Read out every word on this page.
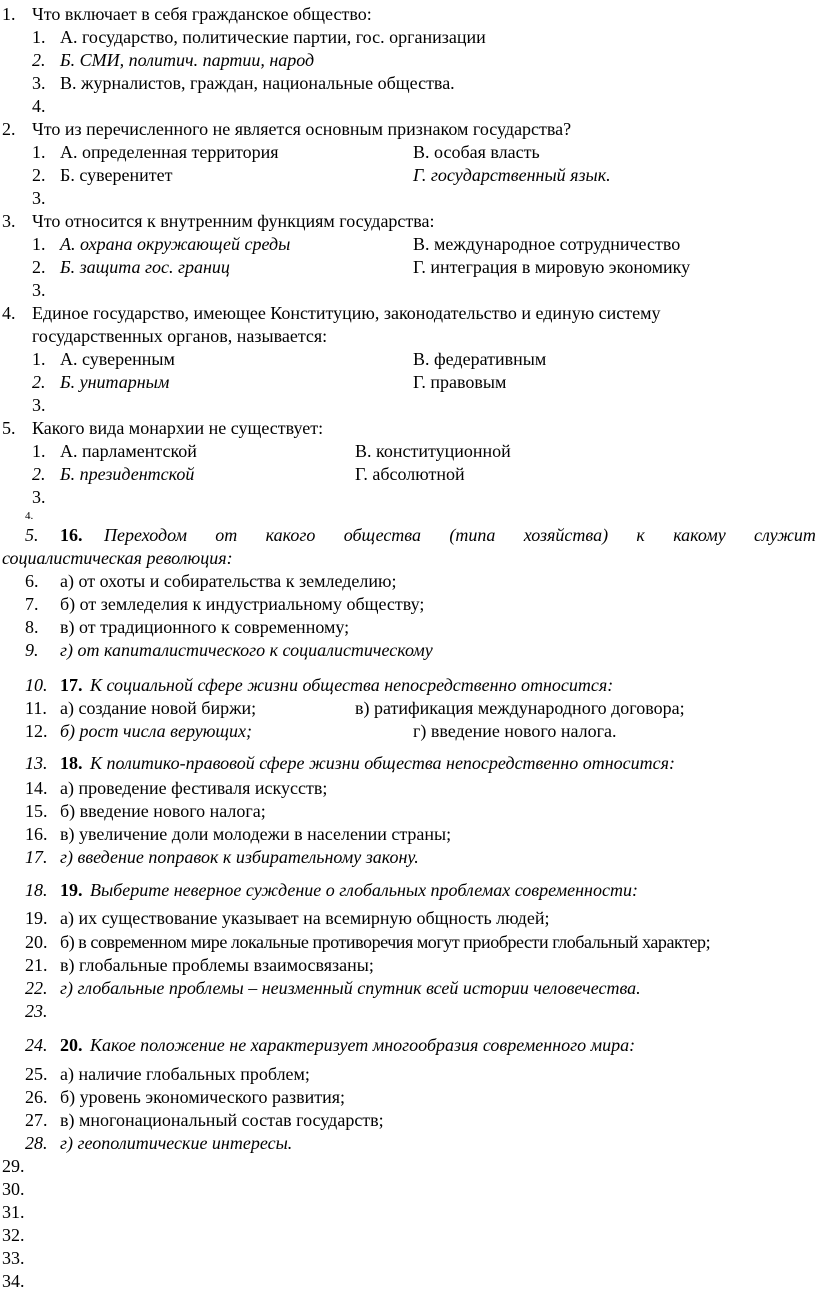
1. Что включает в себя гражданское общество:
1. А. государство, политические партии, гос. организации
2. Б. СМИ, политич. партии, народ
3. В. журналистов, граждан, национальные общества.
4.
2. Что из перечисленного не является основным признаком государства?
1. А. определенная территория	В. особая власть
2. Б. суверенитет	Г. государственный язык.
3.
3. Что относится к внутренним функциям государства:
1. А. охрана окружающей среды	В. международное сотрудничество
2. Б. защита гос. границ	Г. интеграция в мировую экономику
3.
4. Единое государство, имеющее Конституцию, законодательство и единую систему
государственных органов, называется:
1. А. суверенным	В. федеративным
2. Б. унитарным	Г. правовым
3.
5. Какого вида монархии не существует:
1. А. парламентской	В. конституционной
2. Б. президентской	Г. абсолютной
3.
4.
5. 16. Переходом от какого общества (типа хозяйства) к какому служит
социалистическая революция:
6. а) от охоты и собирательства к земледелию;
7. б) от земледелия к индустриальному обществу;
8. в) от традиционного к современному;
9. г) от капиталистического к социалистическому
10. 17. К социальной сфере жизни общества непосредственно относится:
11. а) создание новой биржи;	в) ратификация международного договора;
12. б) рост числа верующих;	г) введение нового налога.
13. 18. К политико-правовой сфере жизни общества непосредственно относится:
14. а) проведение фестиваля искусств;
15. б) введение нового налога;
16. в) увеличение доли молодежи в населении страны;
17. г) введение поправок к избирательному закону.
18. 19. Выберите неверное суждение о глобальных проблемах современности:
19. а) их существование указывает на всемирную общность людей;
20. б) в современном мире локальные противоречия могут приобрести глобальный характер;
21. в) глобальные проблемы взаимосвязаны;
22. г) глобальные проблемы – неизменный спутник всей истории человечества.
23.
24. 20. Какое положение не характеризует многообразия современного мира:
25. а) наличие глобальных проблем;
26. б) уровень экономического развития;
27. в) многонациональный состав государств;
28. г) геополитические интересы.
29.
30.
31.
32.
33.
34.
